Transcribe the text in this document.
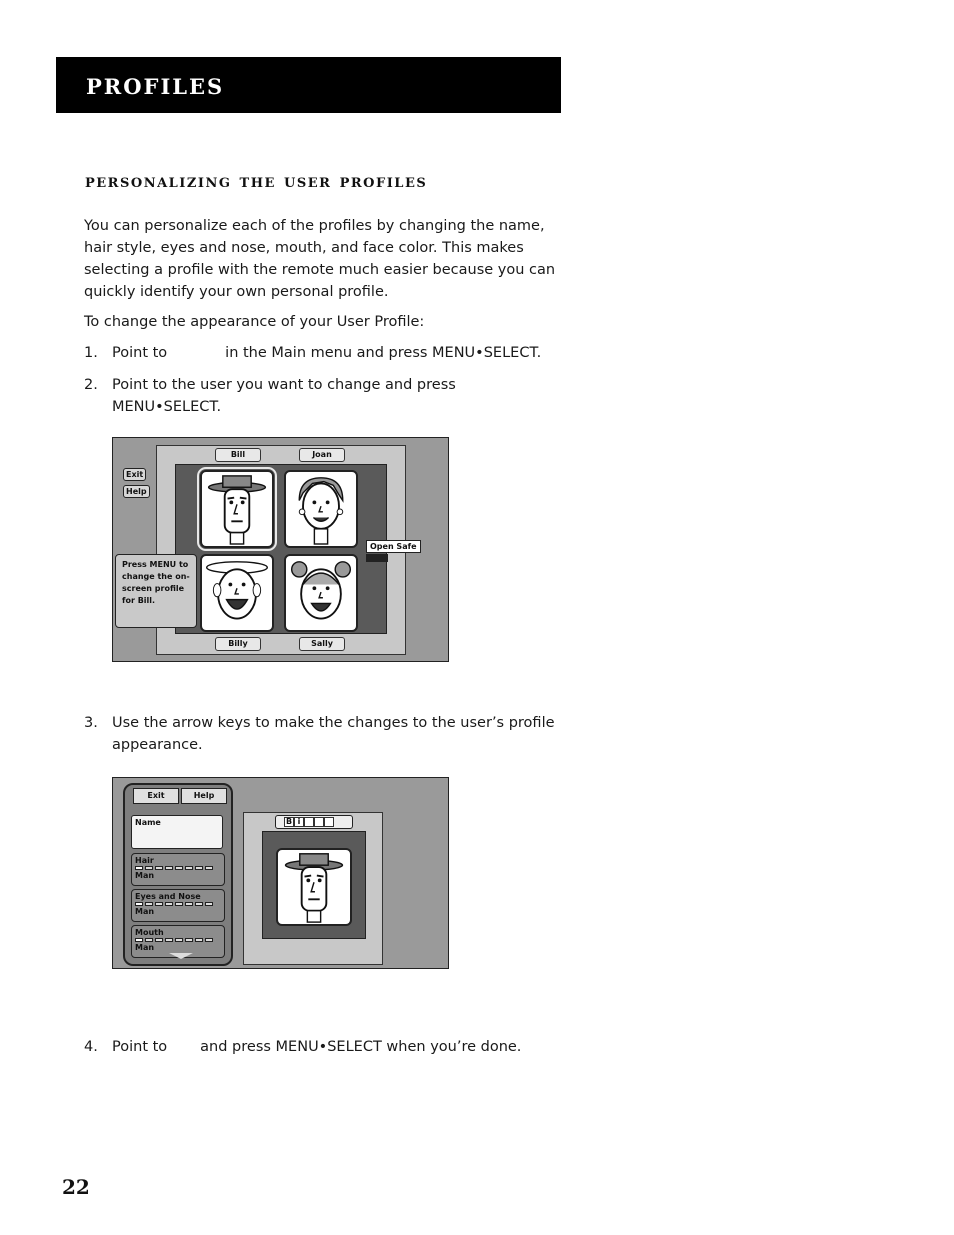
profiles
personalizing the user profiles
You can personalize each of the profiles by changing the name, hair style, eyes and nose, mouth, and face color. This makes selecting a profile with the remote much easier because you can quickly identify your own personal profile.
To change the appearance of your User Profile:
1. Point to	in the Main menu and press MENU•SELECT.
2. Point to the user you want to change and press MENU•SELECT.
Exit
Help
Bill	Joan
Billy	Sally
Press MENU to change the on-screen profile for Bill.
Open Safe
3. Use the arrow keys to make the changes to the user’s profile appearance.
Exit	Help
Name
Hair
Man
Eyes and Nose
Man
Mouth
Man
B i
4. Point to and press MENU•SELECT when you’re done.
22
